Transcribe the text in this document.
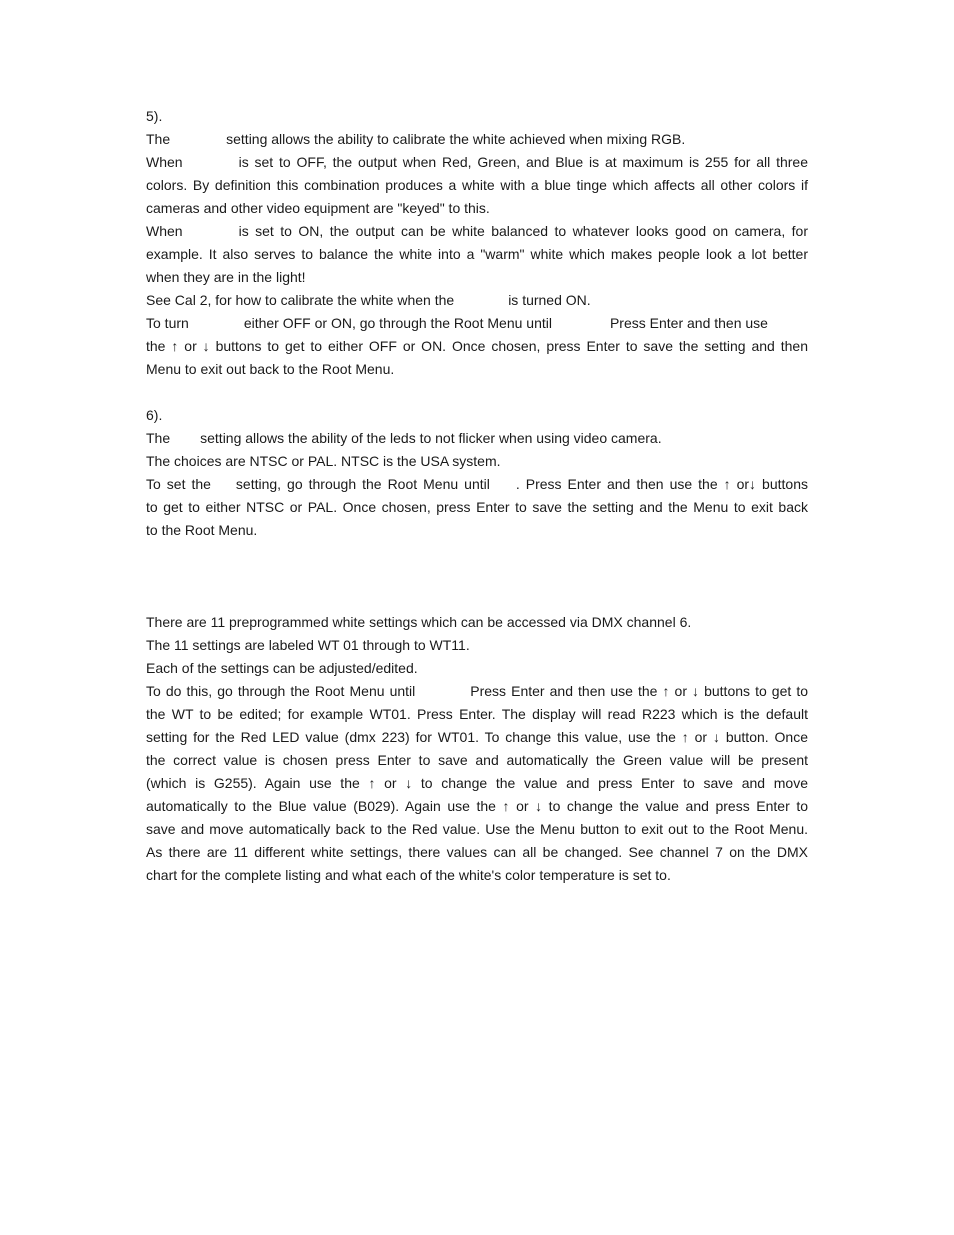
5).
The	setting allows the ability to calibrate the white achieved when mixing RGB.
When	is set to OFF, the output when Red, Green, and Blue is at maximum is 255 for all three
colors. By definition this combination produces a white with a blue tinge which affects all other colors if
cameras and other video equipment are "keyed" to this.
When	is set to ON, the output can be white balanced to whatever looks good on camera, for
example. It also serves to balance the white into a "warm" white which makes people look a lot better
when they are in the light!
See Cal 2, for how to calibrate the white when the	is turned ON.
To turn	either OFF or ON, go through the Root Menu until	Press Enter and then use
the ↑ or ↓ buttons to get to either OFF or ON. Once chosen, press Enter to save the setting and then
Menu to exit out back to the Root Menu.
6).
The setting allows the ability of the leds to not flicker when using video camera.
The choices are NTSC or PAL. NTSC is the USA system.
To set the setting, go through the Root Menu until . Press Enter and then use the ↑ or↓ buttons
to get to either NTSC or PAL. Once chosen, press Enter to save the setting and the Menu to exit back
to the Root Menu.
There are 11 preprogrammed white settings which can be accessed via DMX channel 6.
The 11 settings are labeled WT 01 through to WT11.
Each of the settings can be adjusted/edited.
To do this, go through the Root Menu until	Press Enter and then use the ↑ or ↓ buttons to get to
the WT to be edited; for example WT01. Press Enter. The display will read R223 which is the default
setting for the Red LED value (dmx 223) for WT01. To change this value, use the ↑ or ↓ button. Once
the correct value is chosen press Enter to save and automatically the Green value will be present
(which is G255). Again use the ↑ or ↓ to change the value and press Enter to save and move
automatically to the Blue value (B029). Again use the ↑ or ↓ to change the value and press Enter to
save and move automatically back to the Red value. Use the Menu button to exit out to the Root Menu.
As there are 11 different white settings, there values can all be changed. See channel 7 on the DMX
chart for the complete listing and what each of the white's color temperature is set to.
